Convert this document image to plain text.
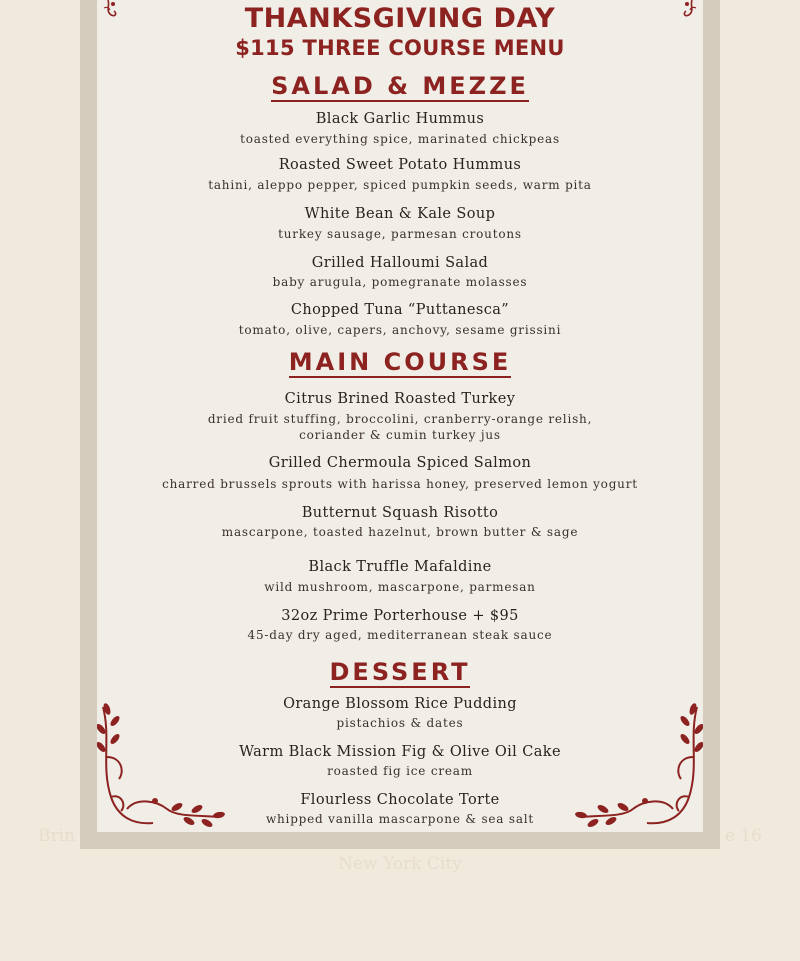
Brin	e 16
New York City
THANKSGIVING DAY
$115 THREE COURSE MENU
SALAD & MEZZE
Black Garlic Hummus
toasted everything spice, marinated chickpeas
Roasted Sweet Potato Hummus
tahini, aleppo pepper, spiced pumpkin seeds, warm pita
White Bean & Kale Soup
turkey sausage, parmesan croutons
Grilled Halloumi Salad
baby arugula, pomegranate molasses
Chopped Tuna “Puttanesca”
tomato, olive, capers, anchovy, sesame grissini
MAIN COURSE
Citrus Brined Roasted Turkey
dried fruit stuffing, broccolini, cranberry-orange relish,
coriander & cumin turkey jus
Grilled Chermoula Spiced Salmon
charred brussels sprouts with harissa honey, preserved lemon yogurt
Butternut Squash Risotto
mascarpone, toasted hazelnut, brown butter & sage
Black Truffle Mafaldine
wild mushroom, mascarpone, parmesan
32oz Prime Porterhouse + $95
45-day dry aged, mediterranean steak sauce
DESSERT
Orange Blossom Rice Pudding
pistachios & dates
Warm Black Mission Fig & Olive Oil Cake
roasted fig ice cream
Flourless Chocolate Torte
whipped vanilla mascarpone & sea salt
